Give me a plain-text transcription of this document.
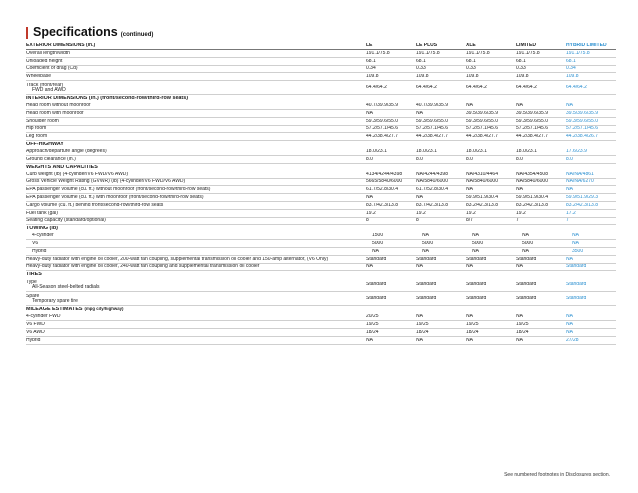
Specifications (continued)
EXTERIOR DIMENSIONS (in.)	LE	LE PLUS	XLE	LIMITED	HYBRID LIMITED
Overall length/width	191.1/75.8	191.1/75.8	191.1/75.8	191.1/75.8	191.1/75.8
Unloaded height	68.1	68.1	68.1	68.1	68.1
Coefficient of drag (Cd)	0.34	0.33	0.33	0.33	0.34
Wheelbase	109.8	109.8	109.8	109.8	109.8
Track (front/rear)
FWD and AWD	64.4/64.2	64.4/64.2	64.4/64.2	64.4/64.2	64.4/64.2
INTERIOR DIMENSIONS (in.) (front/second-row/third-row seats)
Head room without moonroof	40.7/39.9/35.9	40.7/39.9/35.9	NA	NA	NA
Head room with moonroof	NA	NA	39.5/39.6/35.9	39.5/39.6/35.9	39.5/39.6/35.9
Shoulder room	59.3/59.6/55.0	59.3/59.6/55.0	59.3/59.6/55.0	59.3/59.6/55.0	59.3/59.6/55.0
Hip room	57.2/57.1/45.6	57.2/57.1/45.6	57.2/57.1/45.6	57.2/57.1/45.6	57.2/57.1/45.6
Leg room	44.2/38.4/27.7	44.2/38.4/27.7	44.2/38.4/27.7	44.2/38.4/27.7	44.2/38.4/26.7
OFF-HIGHWAY
Approach/departure angle (degrees)	18.0/23.1	18.0/23.1	18.0/23.1	18.0/23.1	17.6/23.9
Ground clearance (in.)	8.0	8.0	8.0	8.0	8.0
WEIGHTS AND CAPACITIES
Curb weight (lb) (4-cylinder/V6 FWD/V6 AWD)	4134/4244/4398	NA/4244/4398	NA/4310/4464	NA/4354/4508	NA/NA/4861
Gross Vehicle Weight Rating (GVWR) (lb) (4-cylinder/V6 FWD/V6 AWD)	5665/5840/6000	NA/5840/6000	NA/5840/6000	NA/5840/6000	NA/NA/6270
EPA passenger volume (cu. ft.) without moonroof (front/second-row/third-row seats)	61.7/52.8/30.4	61.7/52.8/30.4	NA	NA	NA
EPA passenger volume (cu. ft.) with moonroof (front/second-row/third-row seats)	NA	NA	59.9/51.9/30.4	59.9/51.9/30.4	59.9/51.9/29.3
Cargo volume (cu. ft.) behind front/second-row/third-row seats	83.7/42.3/13.8	83.7/42.3/13.8	83.2/42.3/13.8	83.2/42.3/13.8	83.2/42.3/13.8
Fuel tank (gal)	19.2	19.2	19.2	19.2	17.2
Seating capacity (standard/optional)	8	8	8/7	7	7
TOWING (lb)
4-cylinder	1500	NA	NA	NA	NA
V6	5000	5000	5000	5000	NA
Hybrid	NA	NA	NA	NA	3500
Heavy-duty radiator with engine oil cooler, 200-watt fan coupling, supplemental transmission oil cooler and 150-amp alternator, (V6 Only)	Standard	Standard	Standard	Standard	NA
Heavy-duty radiator with engine oil cooler, 240-watt fan coupling and supplemental transmission oil cooler	NA	NA	NA	NA	Standard
TIRES
Type
All-Season steel-belted radials	Standard	Standard	Standard	Standard	Standard
Spare
Temporary spare tire	Standard	Standard	Standard	Standard	Standard
MILEAGE ESTIMATES (mpg city/highway)
4-cylinder FWD	20/25	NA	NA	NA	NA
V6 FWD	19/25	19/25	19/25	19/25	NA
V6 AWD	18/24	18/24	18/24	18/24	NA
Hybrid	NA	NA	NA	NA	27/28
See numbered footnotes in Disclosures section.
